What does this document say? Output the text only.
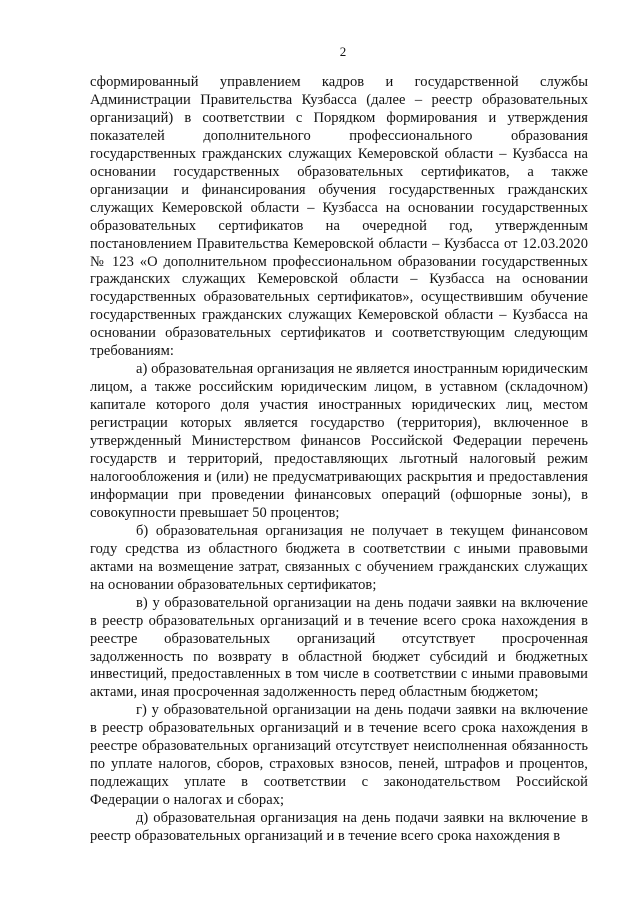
2

сформированный управлением кадров и государственной службы Администрации Правительства Кузбасса (далее – реестр образовательных организаций) в соответствии с Порядком формирования и утверждения показателей дополнительного профессионального образования государственных гражданских служащих Кемеровской области – Кузбасса на основании государственных образовательных сертификатов, а также организации и финансирования обучения государственных гражданских служащих Кемеровской области – Кузбасса на основании государственных образовательных сертификатов на очередной год, утвержденным постановлением Правительства Кемеровской области – Кузбасса от 12.03.2020 № 123 «О дополнительном профессиональном образовании государственных гражданских служащих Кемеровской области – Кузбасса на основании государственных образовательных сертификатов», осуществившим обучение государственных гражданских служащих Кемеровской области – Кузбасса на основании образовательных сертификатов и соответствующим следующим требованиям:

а) образовательная организация не является иностранным юридическим лицом, а также российским юридическим лицом, в уставном (складочном) капитале которого доля участия иностранных юридических лиц, местом регистрации которых является государство (территория), включенное в утвержденный Министерством финансов Российской Федерации перечень государств и территорий, предоставляющих льготный налоговый режим налогообложения и (или) не предусматривающих раскрытия и предоставления информации при проведении финансовых операций (офшорные зоны), в совокупности превышает 50 процентов;

б) образовательная организация не получает в текущем финансовом году средства из областного бюджета в соответствии с иными правовыми актами на возмещение затрат, связанных с обучением гражданских служащих на основании образовательных сертификатов;

в) у образовательной организации на день подачи заявки на включение в реестр образовательных организаций и в течение всего срока нахождения в реестре образовательных организаций отсутствует просроченная задолженность по возврату в областной бюджет субсидий и бюджетных инвестиций, предоставленных в том числе в соответствии с иными правовыми актами, иная просроченная задолженность перед областным бюджетом;

г) у образовательной организации на день подачи заявки на включение в реестр образовательных организаций и в течение всего срока нахождения в реестре образовательных организаций отсутствует неисполненная обязанность по уплате налогов, сборов, страховых взносов, пеней, штрафов и процентов, подлежащих уплате в соответствии с законодательством Российской Федерации о налогах и сборах;

д) образовательная организация на день подачи заявки на включение в реестр образовательных организаций и в течение всего срока нахождения в
